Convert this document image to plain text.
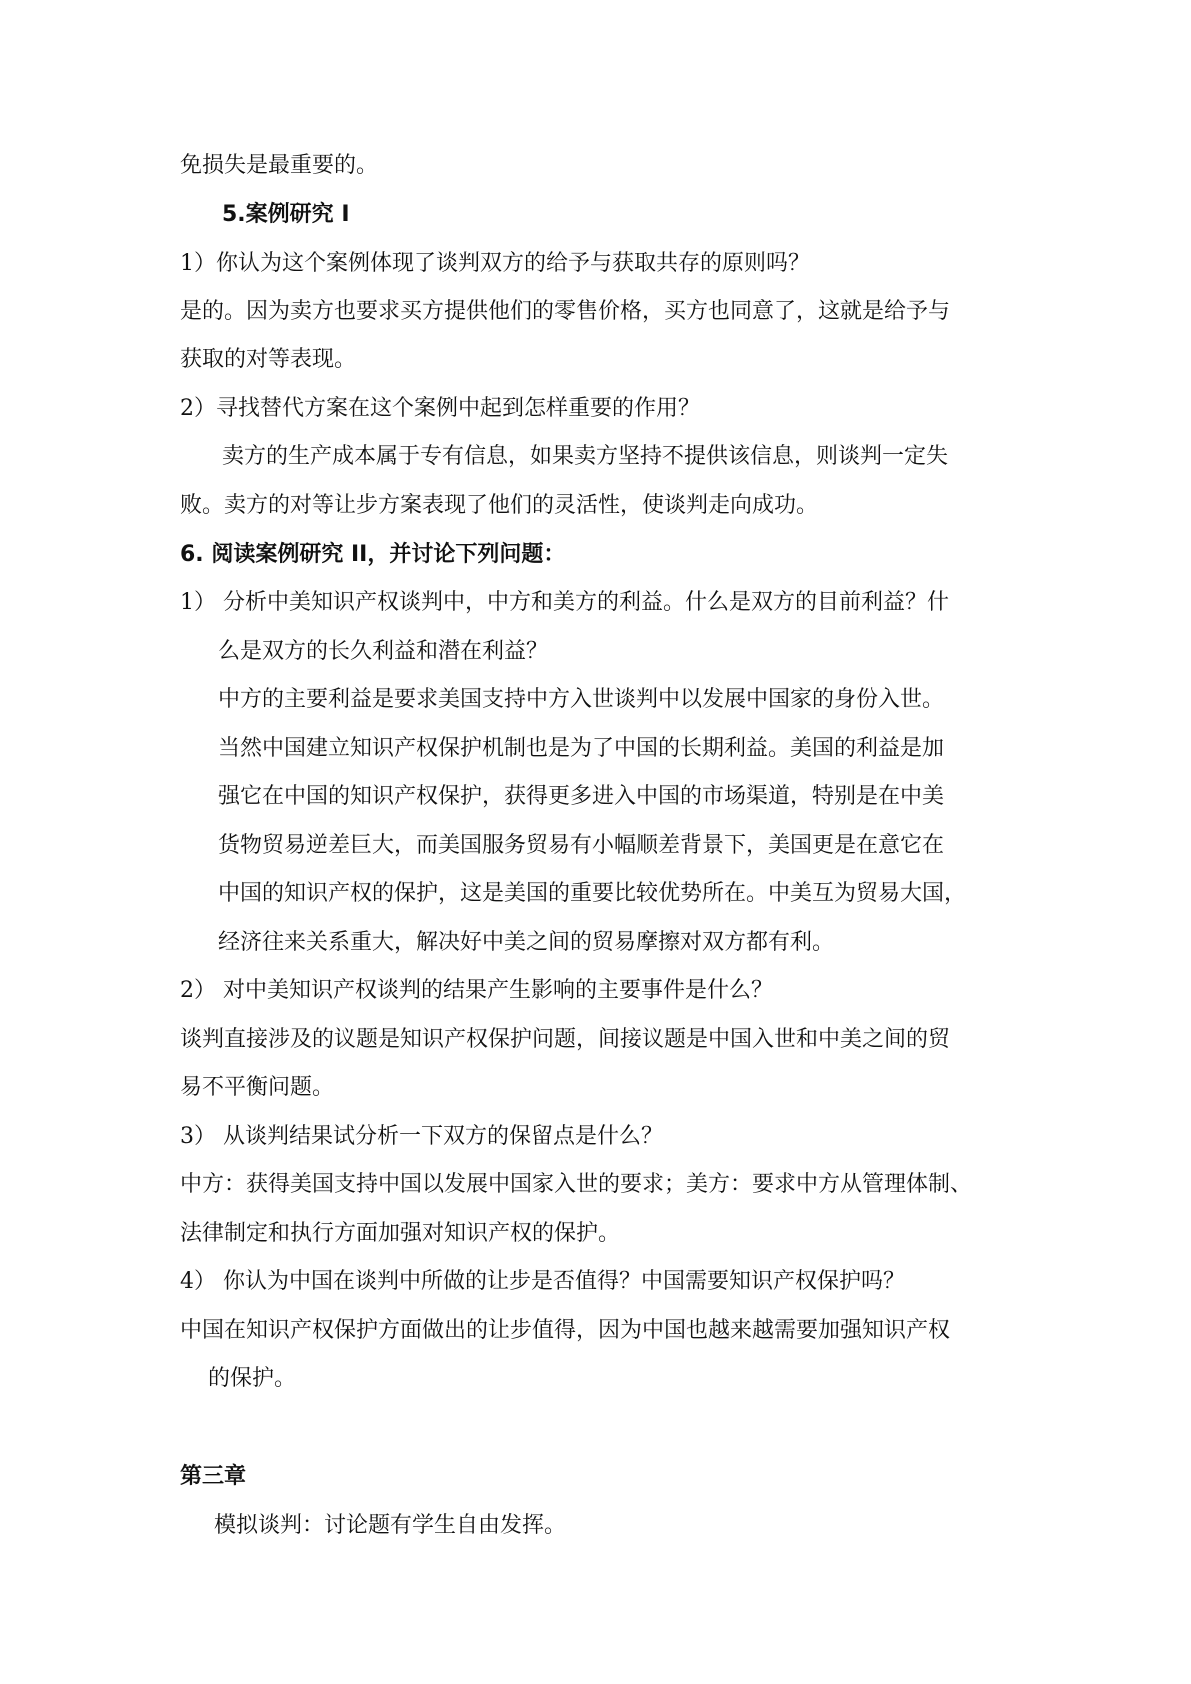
免损失是最重要的。
5.案例研究 I
1）你认为这个案例体现了谈判双方的给予与获取共存的原则吗？
是的。因为卖方也要求买方提供他们的零售价格，买方也同意了，这就是给予与
获取的对等表现。
2）寻找替代方案在这个案例中起到怎样重要的作用？
卖方的生产成本属于专有信息，如果卖方坚持不提供该信息，则谈判一定失
败。卖方的对等让步方案表现了他们的灵活性，使谈判走向成功。
6. 阅读案例研究 II，并讨论下列问题：
1） 分析中美知识产权谈判中，中方和美方的利益。什么是双方的目前利益？什
么是双方的长久利益和潜在利益？
中方的主要利益是要求美国支持中方入世谈判中以发展中国家的身份入世。
当然中国建立知识产权保护机制也是为了中国的长期利益。美国的利益是加
强它在中国的知识产权保护，获得更多进入中国的市场渠道，特别是在中美
货物贸易逆差巨大，而美国服务贸易有小幅顺差背景下，美国更是在意它在
中国的知识产权的保护，这是美国的重要比较优势所在。中美互为贸易大国，
经济往来关系重大，解决好中美之间的贸易摩擦对双方都有利。
2） 对中美知识产权谈判的结果产生影响的主要事件是什么？
谈判直接涉及的议题是知识产权保护问题，间接议题是中国入世和中美之间的贸
易不平衡问题。
3） 从谈判结果试分析一下双方的保留点是什么？
中方：获得美国支持中国以发展中国家入世的要求；美方：要求中方从管理体制、
法律制定和执行方面加强对知识产权的保护。
4） 你认为中国在谈判中所做的让步是否值得？中国需要知识产权保护吗？
中国在知识产权保护方面做出的让步值得，因为中国也越来越需要加强知识产权
的保护。
第三章
模拟谈判：讨论题有学生自由发挥。
